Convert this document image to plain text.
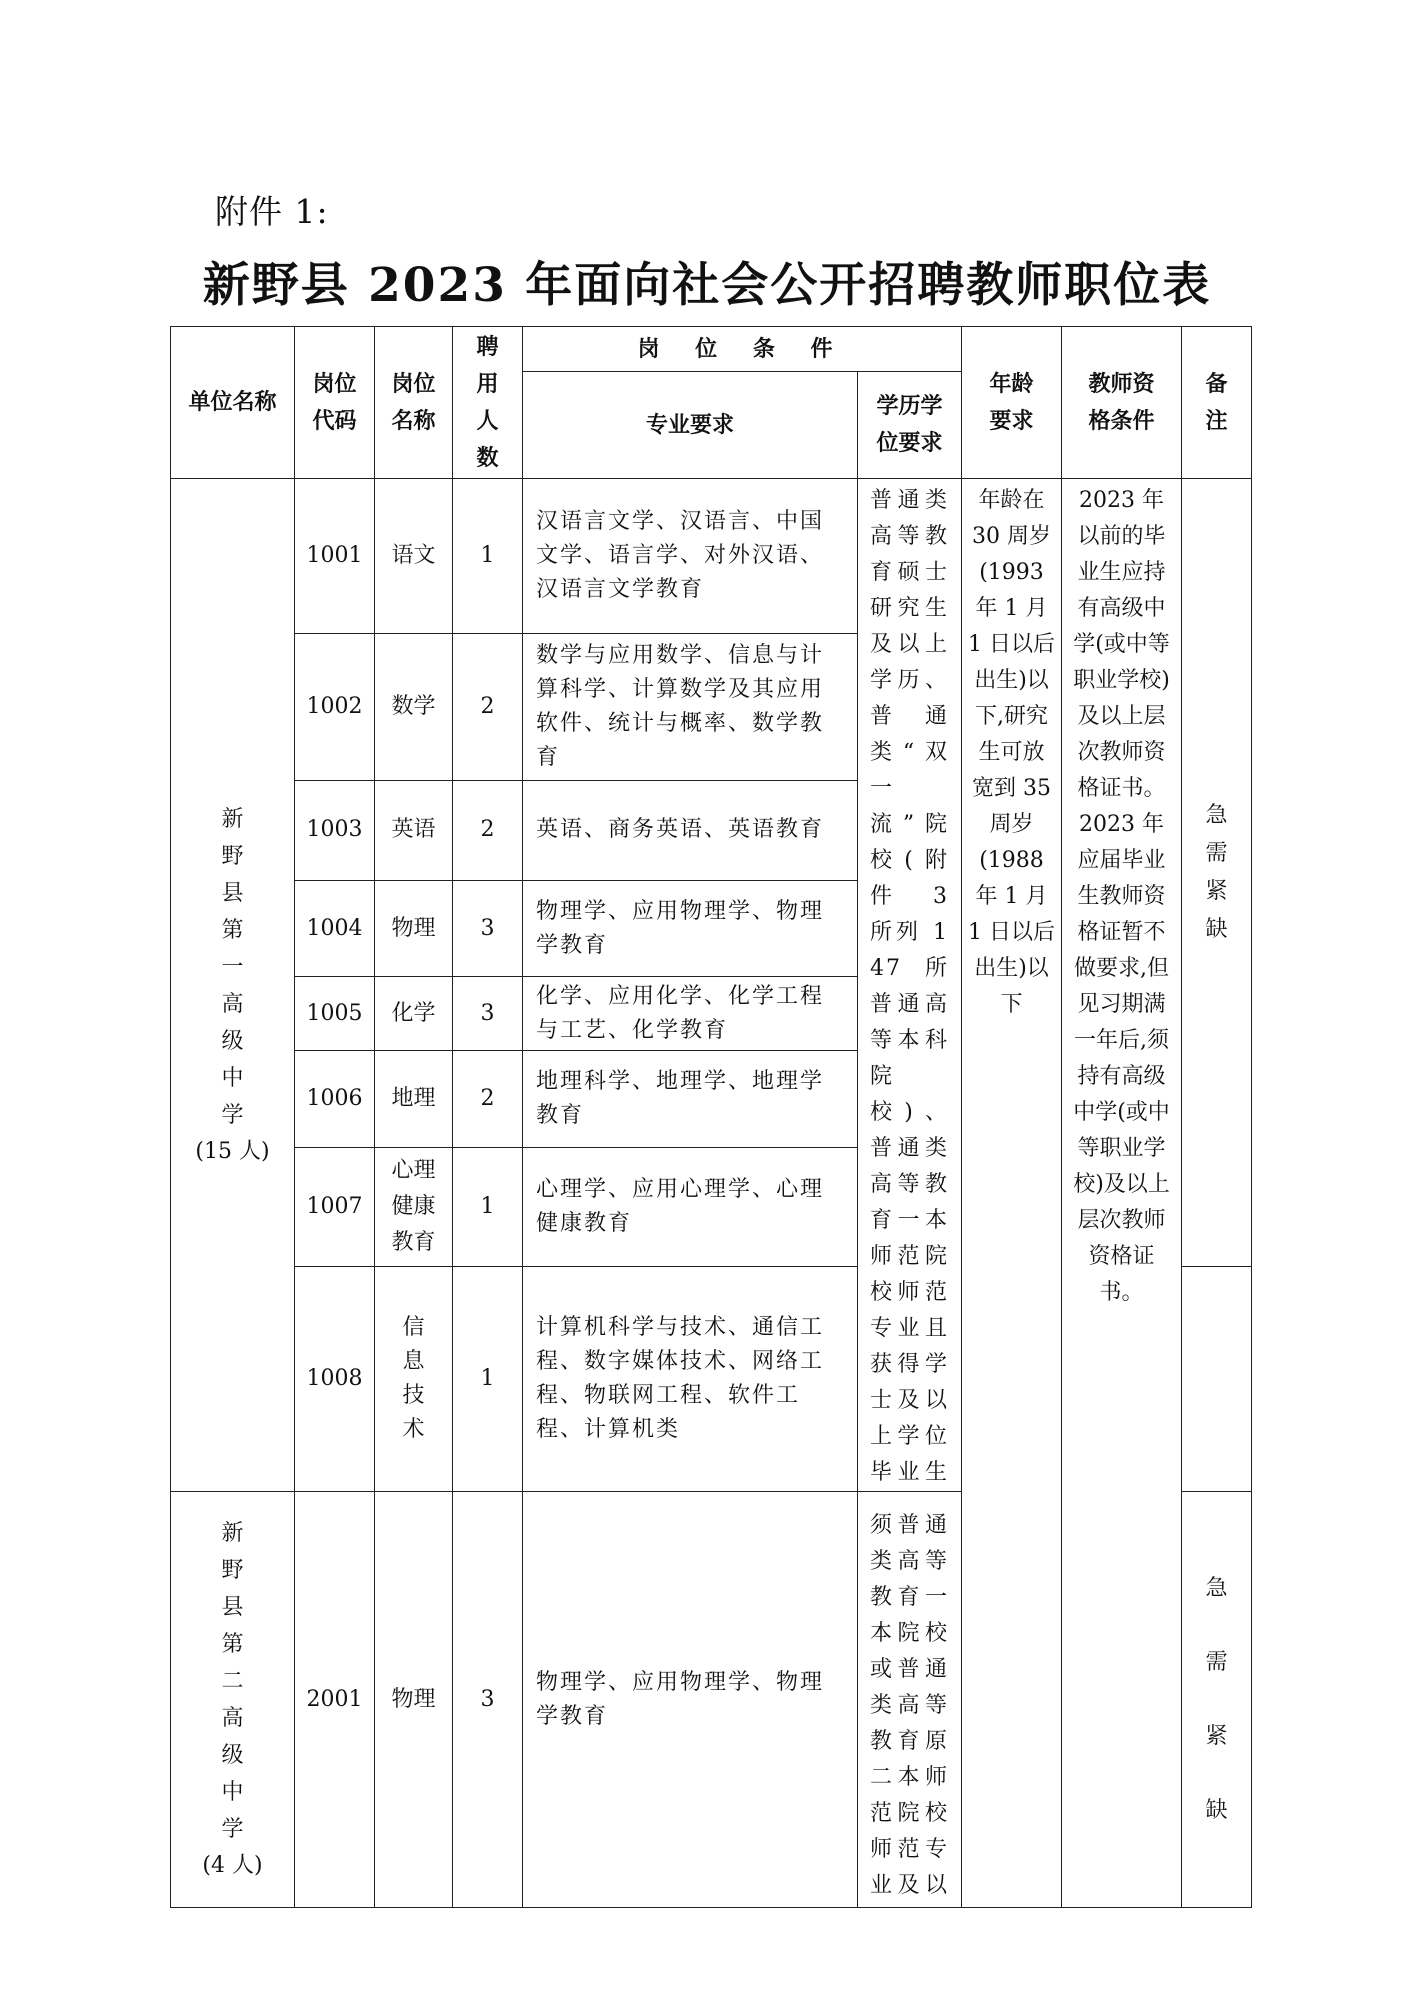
附件 1:
新野县 2023 年面向社会公开招聘教师职位表
单位名称	岗位代码	岗位名称	聘用人数	岗 位 条 件		年龄要求	教师资格条件	备注

				专业要求	学历学位要求			

新野县第一高级中学
(15 人)	1001	语文	1	汉语言文学、汉语言、中国文学、语言学、对外汉语、汉语言文学教育	普通类高等教育硕士研究生及以上学历、普通类“双一流”院校(附件 3 所列 147 所普通高等本科院校)、普通类高等教育一本师范院校师范专业且获得学士及以上学位毕业生	年龄在 30 周岁(1993 年 1 月 1 日以后出生)以下,研究生可放宽到 35 周岁(1988 年 1 月 1 日以后出生)以下	2023 年以前的毕业生应持有高级中学(或中等职业学校)及以上层次教师资格证书。2023 年应届毕业生教师资格证暂不做要求,但见习期满一年后,须持有高级中学(或中等职业学校)及以上层次教师资格证书。	急需紧缺

	1002	数学	2	数学与应用数学、信息与计算科学、计算数学及其应用软件、统计与概率、数学教育				
	1003	英语	2	英语、商务英语、英语教育				
	1004	物理	3	物理学、应用物理学、物理学教育				
	1005	化学	3	化学、应用化学、化学工程与工艺、化学教育				
	1006	地理	2	地理科学、地理学、地理学教育				
	1007	心理健康教育	1	心理学、应用心理学、心理健康教育				
	1008	信息技术	1	计算机科学与技术、通信工程、数字媒体技术、网络工程、物联网工程、软件工程、计算机类				

新野县第二高级中学
(4 人)	2001	物理	3	物理学、应用物理学、物理学教育	须普通类高等教育一本院校或普通类高等教育原二本师范院校师范专业及以			急需紧缺
